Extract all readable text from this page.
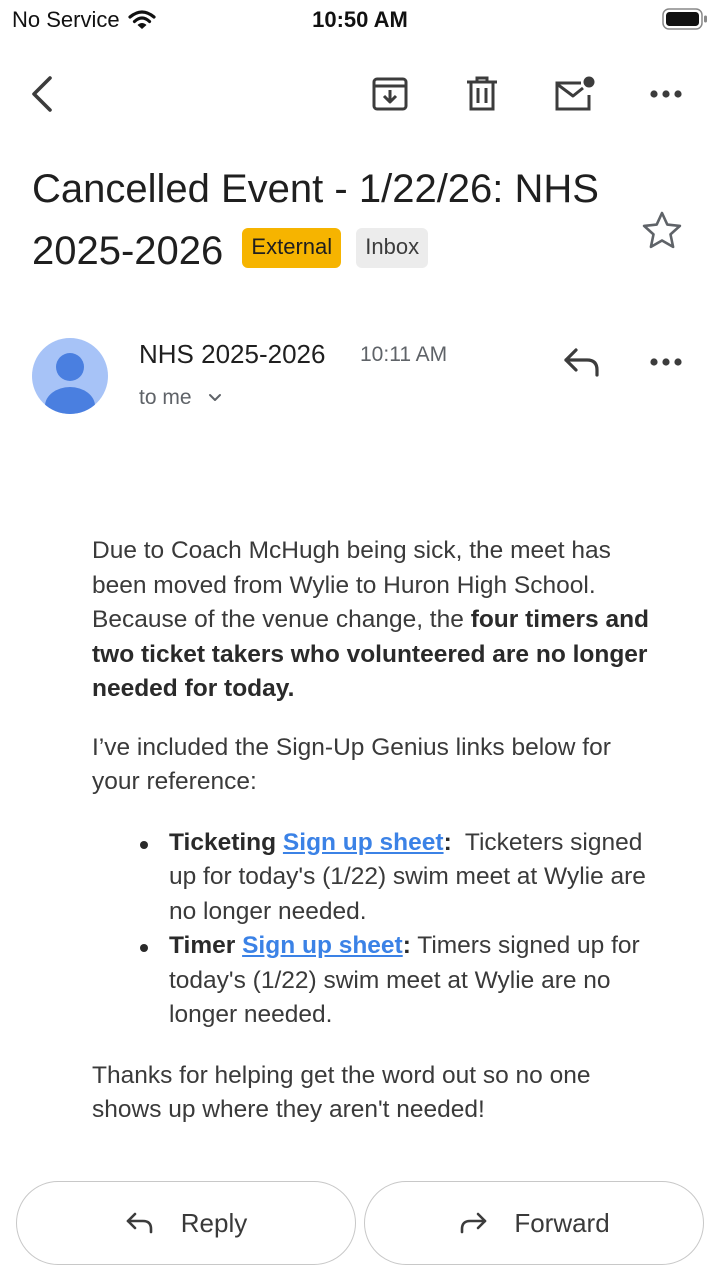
No Service	10:50 AM
Cancelled Event - 1/22/26: NHS 2025-2026 External Inbox
NHS 2025-2026 10:11 AM
to me

Due to Coach McHugh being sick, the meet has been moved from Wylie to Huron High School. Because of the venue change, the four timers and two ticket takers who volunteered are no longer needed for today.

I’ve included the Sign-Up Genius links below for your reference:

Ticketing Sign up sheet:  Ticketers signed up for today's (1/22) swim meet at Wylie are no longer needed.
Timer Sign up sheet: Timers signed up for today's (1/22) swim meet at Wylie are no longer needed.

Thanks for helping get the word out so no one shows up where they aren't needed!

Reply	Forward
